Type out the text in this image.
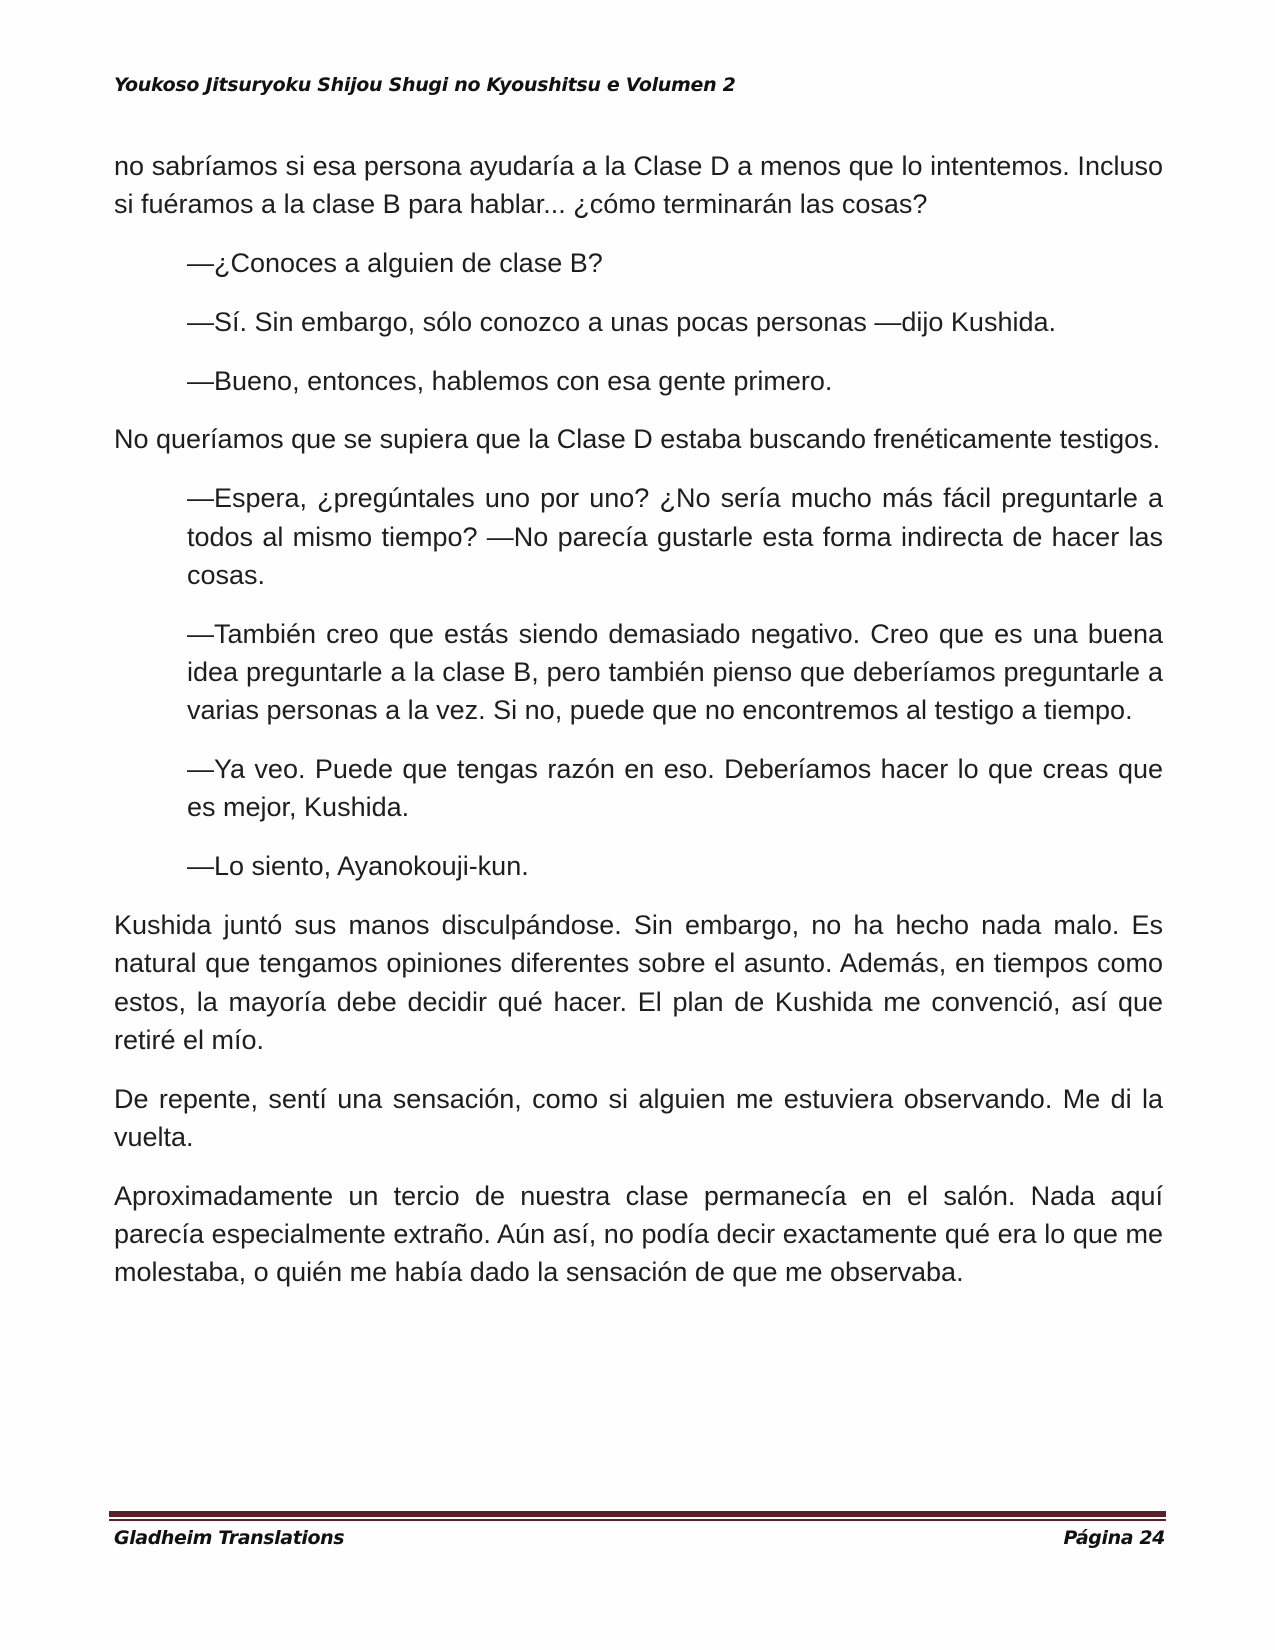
Youkoso Jitsuryoku Shijou Shugi no Kyoushitsu e Volumen 2

no sabríamos si esa persona ayudaría a la Clase D a menos que lo intentemos. Incluso si fuéramos a la clase B para hablar... ¿cómo terminarán las cosas?

—¿Conoces a alguien de clase B?

—Sí. Sin embargo, sólo conozco a unas pocas personas —dijo Kushida.

—Bueno, entonces, hablemos con esa gente primero.

No queríamos que se supiera que la Clase D estaba buscando frenéticamente testigos.

—Espera, ¿pregúntales uno por uno? ¿No sería mucho más fácil preguntarle a todos al mismo tiempo? —No parecía gustarle esta forma indirecta de hacer las cosas.

—También creo que estás siendo demasiado negativo. Creo que es una buena idea preguntarle a la clase B, pero también pienso que deberíamos preguntarle a varias personas a la vez. Si no, puede que no encontremos al testigo a tiempo.

—Ya veo. Puede que tengas razón en eso. Deberíamos hacer lo que creas que es mejor, Kushida.

—Lo siento, Ayanokouji-kun.

Kushida juntó sus manos disculpándose. Sin embargo, no ha hecho nada malo. Es natural que tengamos opiniones diferentes sobre el asunto. Además, en tiempos como estos, la mayoría debe decidir qué hacer. El plan de Kushida me convenció, así que retiré el mío.

De repente, sentí una sensación, como si alguien me estuviera observando. Me di la vuelta.

Aproximadamente un tercio de nuestra clase permanecía en el salón. Nada aquí parecía especialmente extraño. Aún así, no podía decir exactamente qué era lo que me molestaba, o quién me había dado la sensación de que me observaba.

Gladheim Translations	Página 24
